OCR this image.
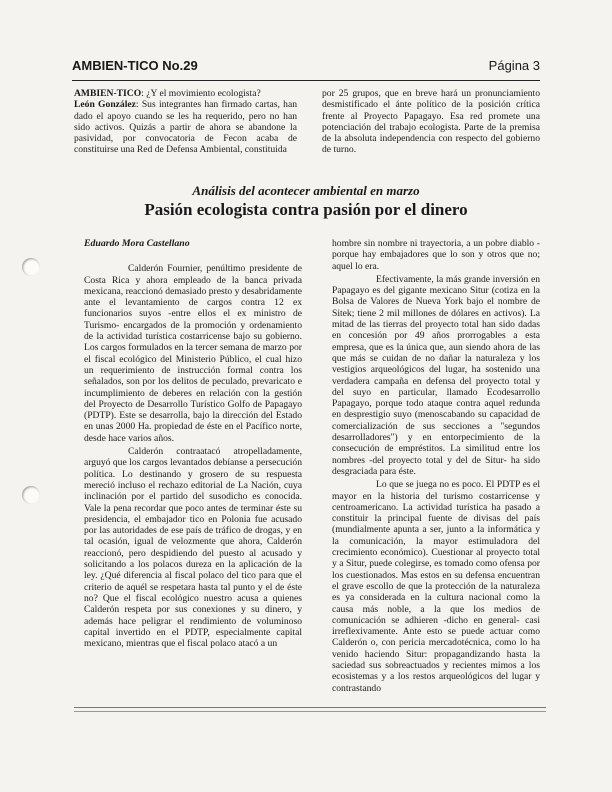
AMBIEN-TICO No.29	Página 3

AMBIEN-TICO: ¿Y el movimiento ecologista?
León González: Sus integrantes han firmado cartas, han dado el apoyo cuando se les ha requerido, pero no han sido activos. Quizás a partir de ahora se abandone la pasividad, por convocatoria de Fecon acaba de constituirse una Red de Defensa Ambiental, constituida

por 25 grupos, que en breve hará un pronunciamiento desmistificado el ánte político de la posición crítica frente al Proyecto Papagayo. Esa red promete una potenciación del trabajo ecologista. Parte de la premisa de la absoluta independencia con respecto del gobierno de turno.

Análisis del acontecer ambiental en marzo
Pasión ecologista contra pasión por el dinero

Eduardo Mora Castellano

Calderón Fournier, penúltimo presidente de Costa Rica y ahora empleado de la banca privada mexicana, reaccionó demasiado presto y desabridamente ante el levantamiento de cargos contra 12 ex funcionarios suyos -entre ellos el ex ministro de Turismo- encargados de la promoción y ordenamiento de la actividad turística costarricense bajo su gobierno. Los cargos formulados en la tercer semana de marzo por el fiscal ecológico del Ministerio Público, el cual hizo un requerimiento de instrucción formal contra los señalados, son por los delitos de peculado, prevaricato e incumplimiento de deberes en relación con la gestión del Proyecto de Desarrollo Turístico Golfo de Papagayo (PDTP). Este se desarrolla, bajo la dirección del Estado en unas 2000 Ha. propiedad de éste en el Pacífico norte, desde hace varios años.

Calderón contraatacó atropelladamente, arguyó que los cargos levantados debíanse a persecución política. Lo destinando y grosero de su respuesta mereció incluso el rechazo editorial de La Nación, cuya inclinación por el partido del susodicho es conocida. Vale la pena recordar que poco antes de terminar éste su presidencia, el embajador tico en Polonia fue acusado por las autoridades de ese país de tráfico de drogas, y en tal ocasión, igual de velozmente que ahora, Calderón reaccionó, pero despidiendo del puesto al acusado y solicitando a los polacos dureza en la aplicación de la ley. ¿Qué diferencia al fiscal polaco del tico para que el criterio de aquél se respetara hasta tal punto y el de éste no? Que el fiscal ecológico nuestro acusa a quienes Calderón respeta por sus conexiones y su dinero, y además hace peligrar el rendimiento de voluminoso capital invertido en el PDTP, especialmente capital mexicano, mientras que el fiscal polaco atacó a un

hombre sin nombre ni trayectoria, a un pobre diablo -porque hay embajadores que lo son y otros que no; aquel lo era.

Efectivamente, la más grande inversión en Papagayo es del gigante mexicano Situr (cotiza en la Bolsa de Valores de Nueva York bajo el nombre de Sitek; tiene 2 mil millones de dólares en activos). La mitad de las tierras del proyecto total han sido dadas en concesión por 49 años prorrogables a esta empresa, que es la única que, aun siendo ahora de las que más se cuidan de no dañar la naturaleza y los vestigios arqueológicos del lugar, ha sostenido una verdadera campaña en defensa del proyecto total y del suyo en particular, llamado Ecodesarrollo Papagayo, porque todo ataque contra aquel redunda en desprestigio suyo (menoscabando su capacidad de comercialización de sus secciones a "segundos desarrolladores") y en entorpecimiento de la consecución de empréstitos. La similitud entre los nombres -del proyecto total y del de Situr- ha sido desgraciada para éste.

Lo que se juega no es poco. El PDTP es el mayor en la historia del turismo costarricense y centroamericano. La actividad turística ha pasado a constituir la principal fuente de divisas del país (mundialmente apunta a ser, junto a la informática y la comunicación, la mayor estimuladora del crecimiento económico). Cuestionar al proyecto total y a Situr, puede colegirse, es tomado como ofensa por los cuestionados. Mas estos en su defensa encuentran el grave escollo de que la protección de la naturaleza es ya considerada en la cultura nacional como la causa más noble, a la que los medios de comunicación se adhieren -dicho en general- casi irreflexivamente. Ante esto se puede actuar como Calderón o, con pericia mercadotécnica, como lo ha venido haciendo Situr: propagandizando hasta la saciedad sus sobreactuados y recientes mimos a los ecosistemas y a los restos arqueológicos del lugar y contrastando
